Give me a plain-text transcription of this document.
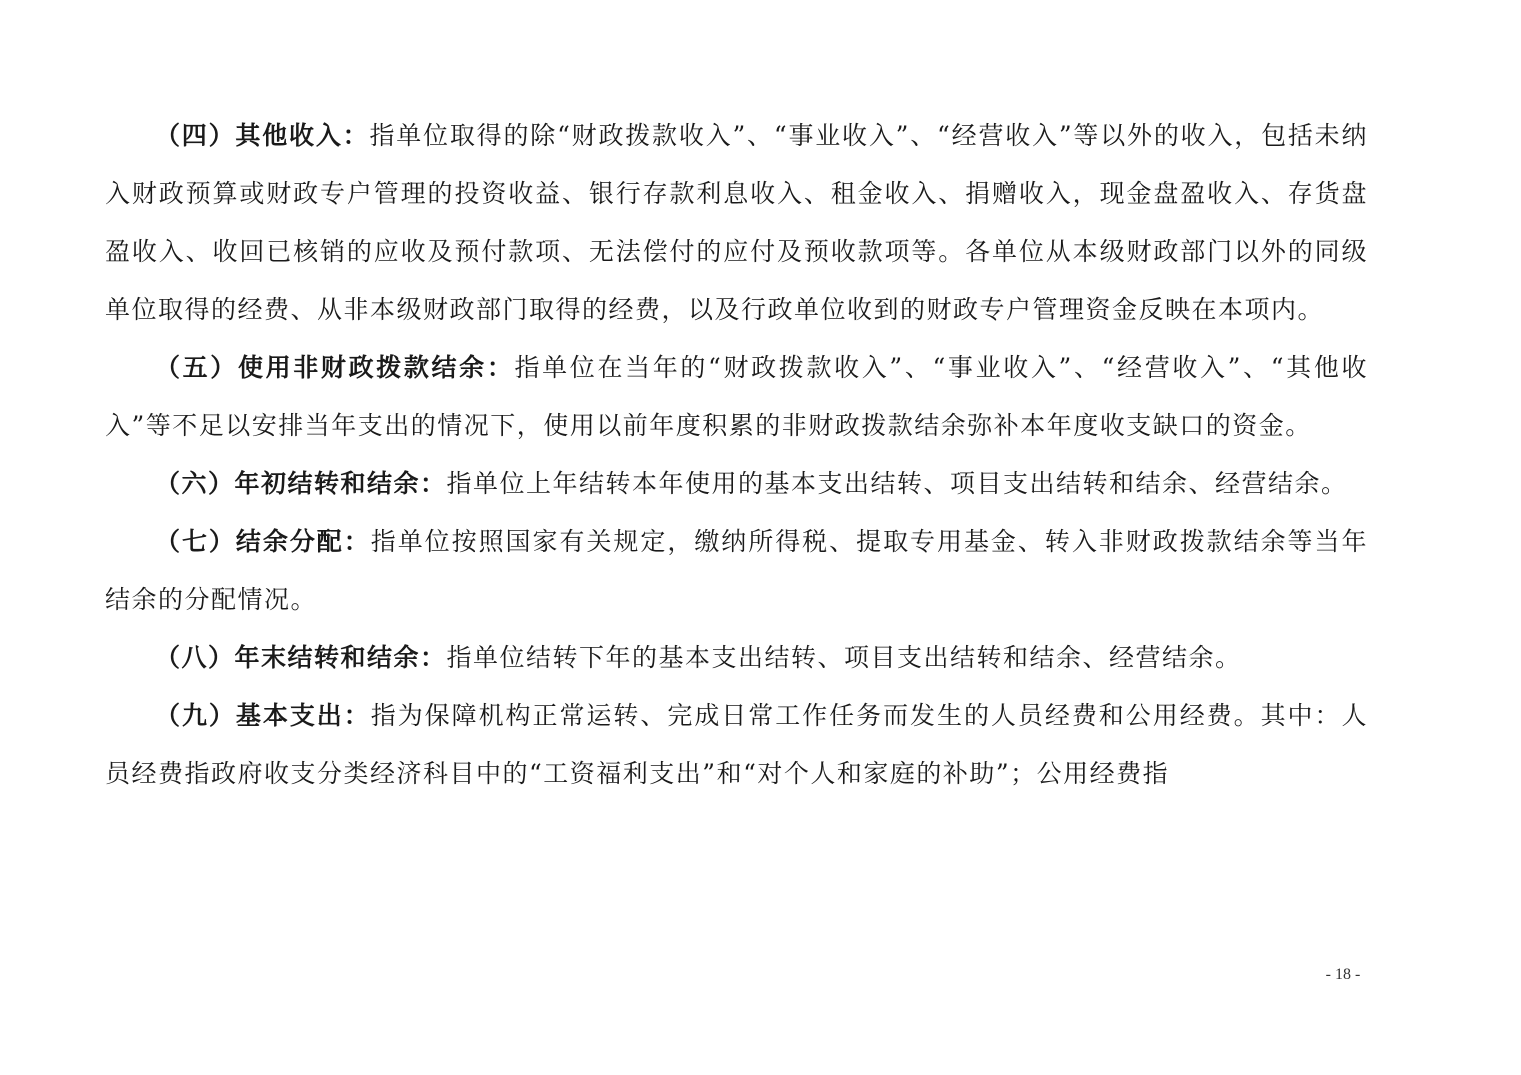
（四）其他收入：指单位取得的除“财政拨款收入”、“事业收入”、“经营收入”等以外的收入，包括未纳入财政预算或财政专户管理的投资收益、银行存款利息收入、租金收入、捐赠收入，现金盘盈收入、存货盘盈收入、收回已核销的应收及预付款项、无法偿付的应付及预收款项等。各单位从本级财政部门以外的同级单位取得的经费、从非本级财政部门取得的经费，以及行政单位收到的财政专户管理资金反映在本项内。

（五）使用非财政拨款结余：指单位在当年的“财政拨款收入”、“事业收入”、“经营收入”、“其他收入”等不足以安排当年支出的情况下，使用以前年度积累的非财政拨款结余弥补本年度收支缺口的资金。

（六）年初结转和结余：指单位上年结转本年使用的基本支出结转、项目支出结转和结余、经营结余。

（七）结余分配：指单位按照国家有关规定，缴纳所得税、提取专用基金、转入非财政拨款结余等当年结余的分配情况。

（八）年末结转和结余：指单位结转下年的基本支出结转、项目支出结转和结余、经营结余。

（九）基本支出：指为保障机构正常运转、完成日常工作任务而发生的人员经费和公用经费。其中：人员经费指政府收支分类经济科目中的“工资福利支出”和“对个人和家庭的补助”；公用经费指

- 18 -
